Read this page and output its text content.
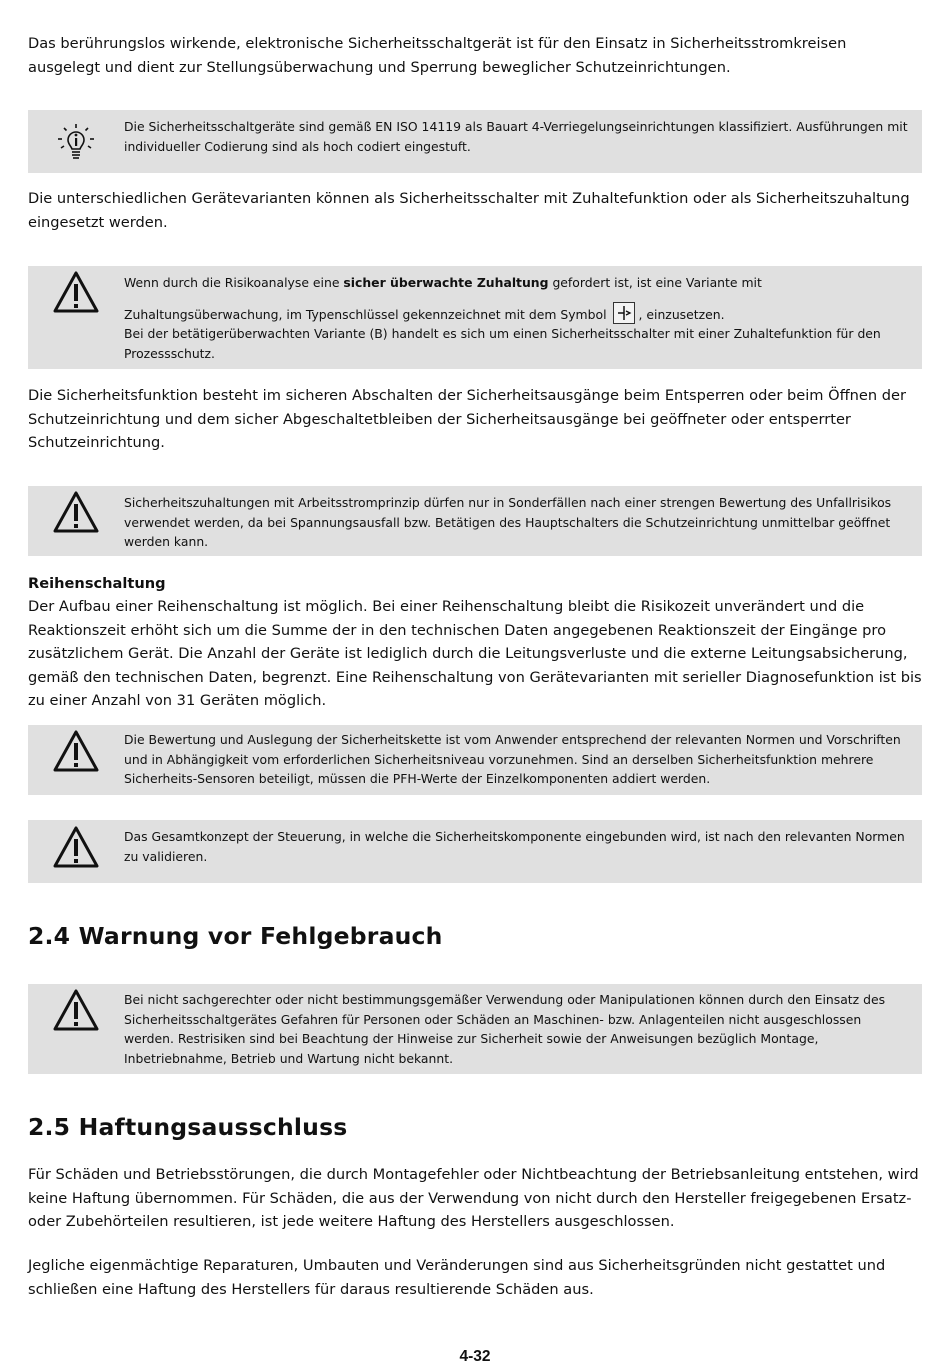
Das berührungslos wirkende, elektronische Sicherheitsschaltgerät ist für den Einsatz in Sicherheitsstromkreisen ausgelegt und dient zur Stellungsüberwachung und Sperrung beweglicher Schutzeinrichtungen.

Die Sicherheitsschaltgeräte sind gemäß EN ISO 14119 als Bauart 4-Verriegelungseinrichtungen klassifiziert. Ausführungen mit individueller Codierung sind als hoch codiert eingestuft.

Die unterschiedlichen Gerätevarianten können als Sicherheitsschalter mit Zuhaltefunktion oder als Sicherheitszuhaltung eingesetzt werden.

Wenn durch die Risikoanalyse eine sicher überwachte Zuhaltung gefordert ist, ist eine Variante mit
Zuhaltungsüberwachung, im Typenschlüssel gekennzeichnet mit dem Symbol	, einzusetzen.
Bei der betätigerüberwachten Variante (B) handelt es sich um einen Sicherheitsschalter mit einer Zuhaltefunktion für den Prozessschutz.

Die Sicherheitsfunktion besteht im sicheren Abschalten der Sicherheitsausgänge beim Entsperren oder beim Öffnen der Schutzeinrichtung und dem sicher Abgeschaltetbleiben der Sicherheitsausgänge bei geöffneter oder entsperrter Schutzeinrichtung.

Sicherheitszuhaltungen mit Arbeitsstromprinzip dürfen nur in Sonderfällen nach einer strengen Bewertung des Unfallrisikos verwendet werden, da bei Spannungsausfall bzw. Betätigen des Hauptschalters die Schutzeinrichtung unmittelbar geöffnet werden kann.
Reihenschaltung

Der Aufbau einer Reihenschaltung ist möglich. Bei einer Reihenschaltung bleibt die Risikozeit unverändert und die Reaktionszeit erhöht sich um die Summe der in den technischen Daten angegebenen Reaktionszeit der Eingänge pro zusätzlichem Gerät. Die Anzahl der Geräte ist lediglich durch die Leitungsverluste und die externe Leitungsabsicherung, gemäß den technischen Daten, begrenzt. Eine Reihenschaltung von Gerätevarianten mit serieller Diagnosefunktion ist bis zu einer Anzahl von 31 Geräten möglich.

Die Bewertung und Auslegung der Sicherheitskette ist vom Anwender entsprechend der relevanten Normen und Vorschriften und in Abhängigkeit vom erforderlichen Sicherheitsniveau vorzunehmen. Sind an derselben Sicherheitsfunktion mehrere Sicherheits-Sensoren beteiligt, müssen die PFH-Werte der Einzelkomponenten addiert werden.
Das Gesamtkonzept der Steuerung, in welche die Sicherheitskomponente eingebunden wird, ist nach den relevanten Normen zu validieren.
2.4 Warnung vor Fehlgebrauch
Bei nicht sachgerechter oder nicht bestimmungsgemäßer Verwendung oder Manipulationen können durch den Einsatz des Sicherheitsschaltgerätes Gefahren für Personen oder Schäden an Maschinen- bzw. Anlagenteilen nicht ausgeschlossen werden. Restrisiken sind bei Beachtung der Hinweise zur Sicherheit sowie der Anweisungen bezüglich Montage, Inbetriebnahme, Betrieb und Wartung nicht bekannt.
2.5 Haftungsausschluss

Für Schäden und Betriebsstörungen, die durch Montagefehler oder Nichtbeachtung der Betriebsanleitung entstehen, wird keine Haftung übernommen. Für Schäden, die aus der Verwendung von nicht durch den Hersteller freigegebenen Ersatz- oder Zubehörteilen resultieren, ist jede weitere Haftung des Herstellers ausgeschlossen.

Jegliche eigenmächtige Reparaturen, Umbauten und Veränderungen sind aus Sicherheitsgründen nicht gestattet und schließen eine Haftung des Herstellers für daraus resultierende Schäden aus.

4-32
